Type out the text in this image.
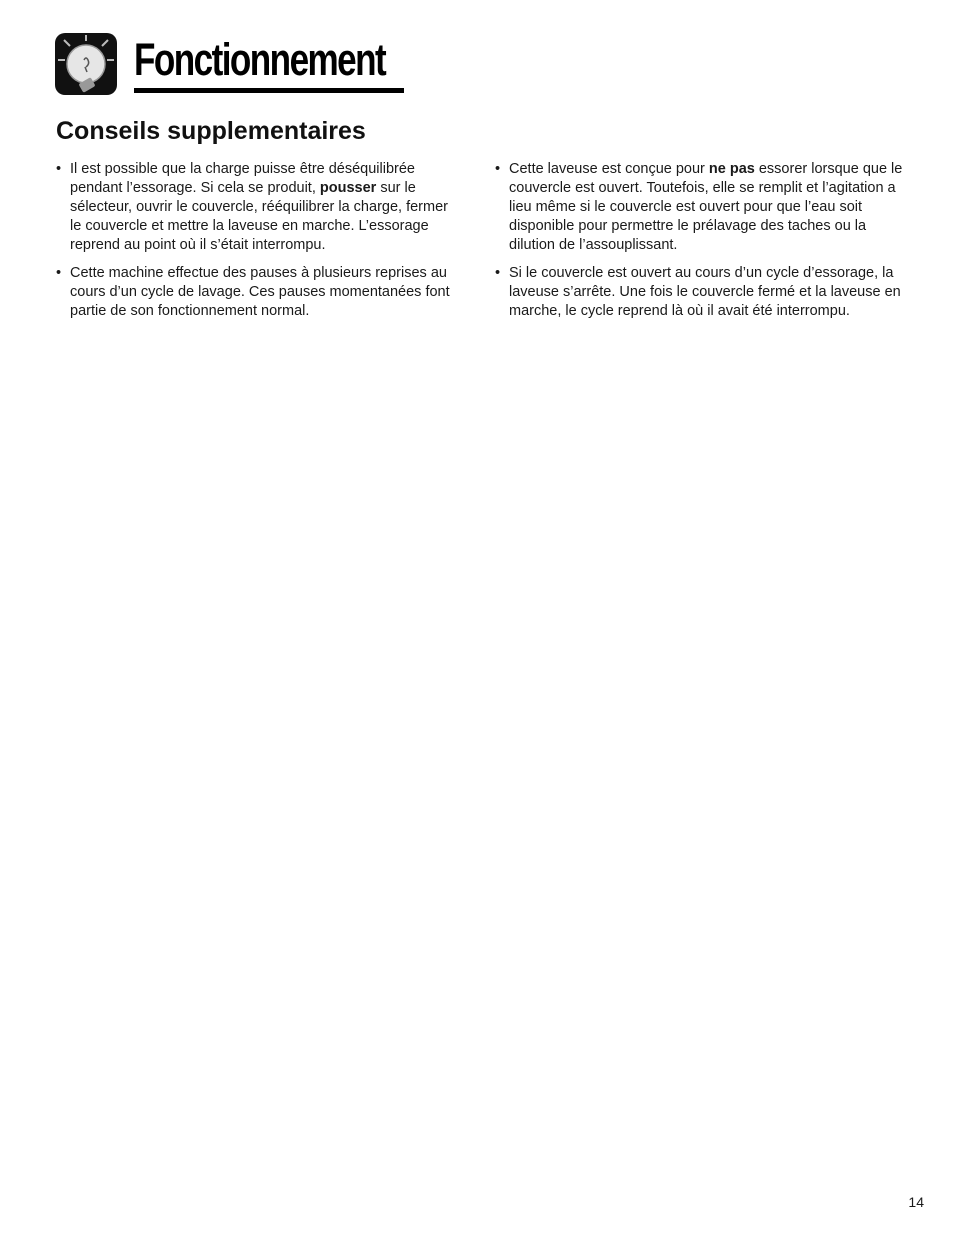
Fonctionnement
Conseils supplementaires
• Il est possible que la charge puisse être déséquilibrée pendant l’essorage. Si cela se produit, pousser sur le sélecteur, ouvrir le couvercle, rééquilibrer la charge, fermer le couvercle et mettre la laveuse en marche. L’essorage reprend au point où il s’était interrompu.
• Cette machine effectue des pauses à plusieurs reprises au cours d’un cycle de lavage. Ces pauses momentanées font partie de son fonctionnement normal.
• Cette laveuse est conçue pour ne pas essorer lorsque que le couvercle est ouvert. Toutefois, elle se remplit et l’agitation a lieu même si le couvercle est ouvert pour que l’eau soit disponible pour permettre le prélavage des taches ou la dilution de l’assouplissant.
• Si le couvercle est ouvert au cours d’un cycle d’essorage, la laveuse s’arrête. Une fois le couvercle fermé et la laveuse en marche, le cycle reprend là où il avait été interrompu.
14
